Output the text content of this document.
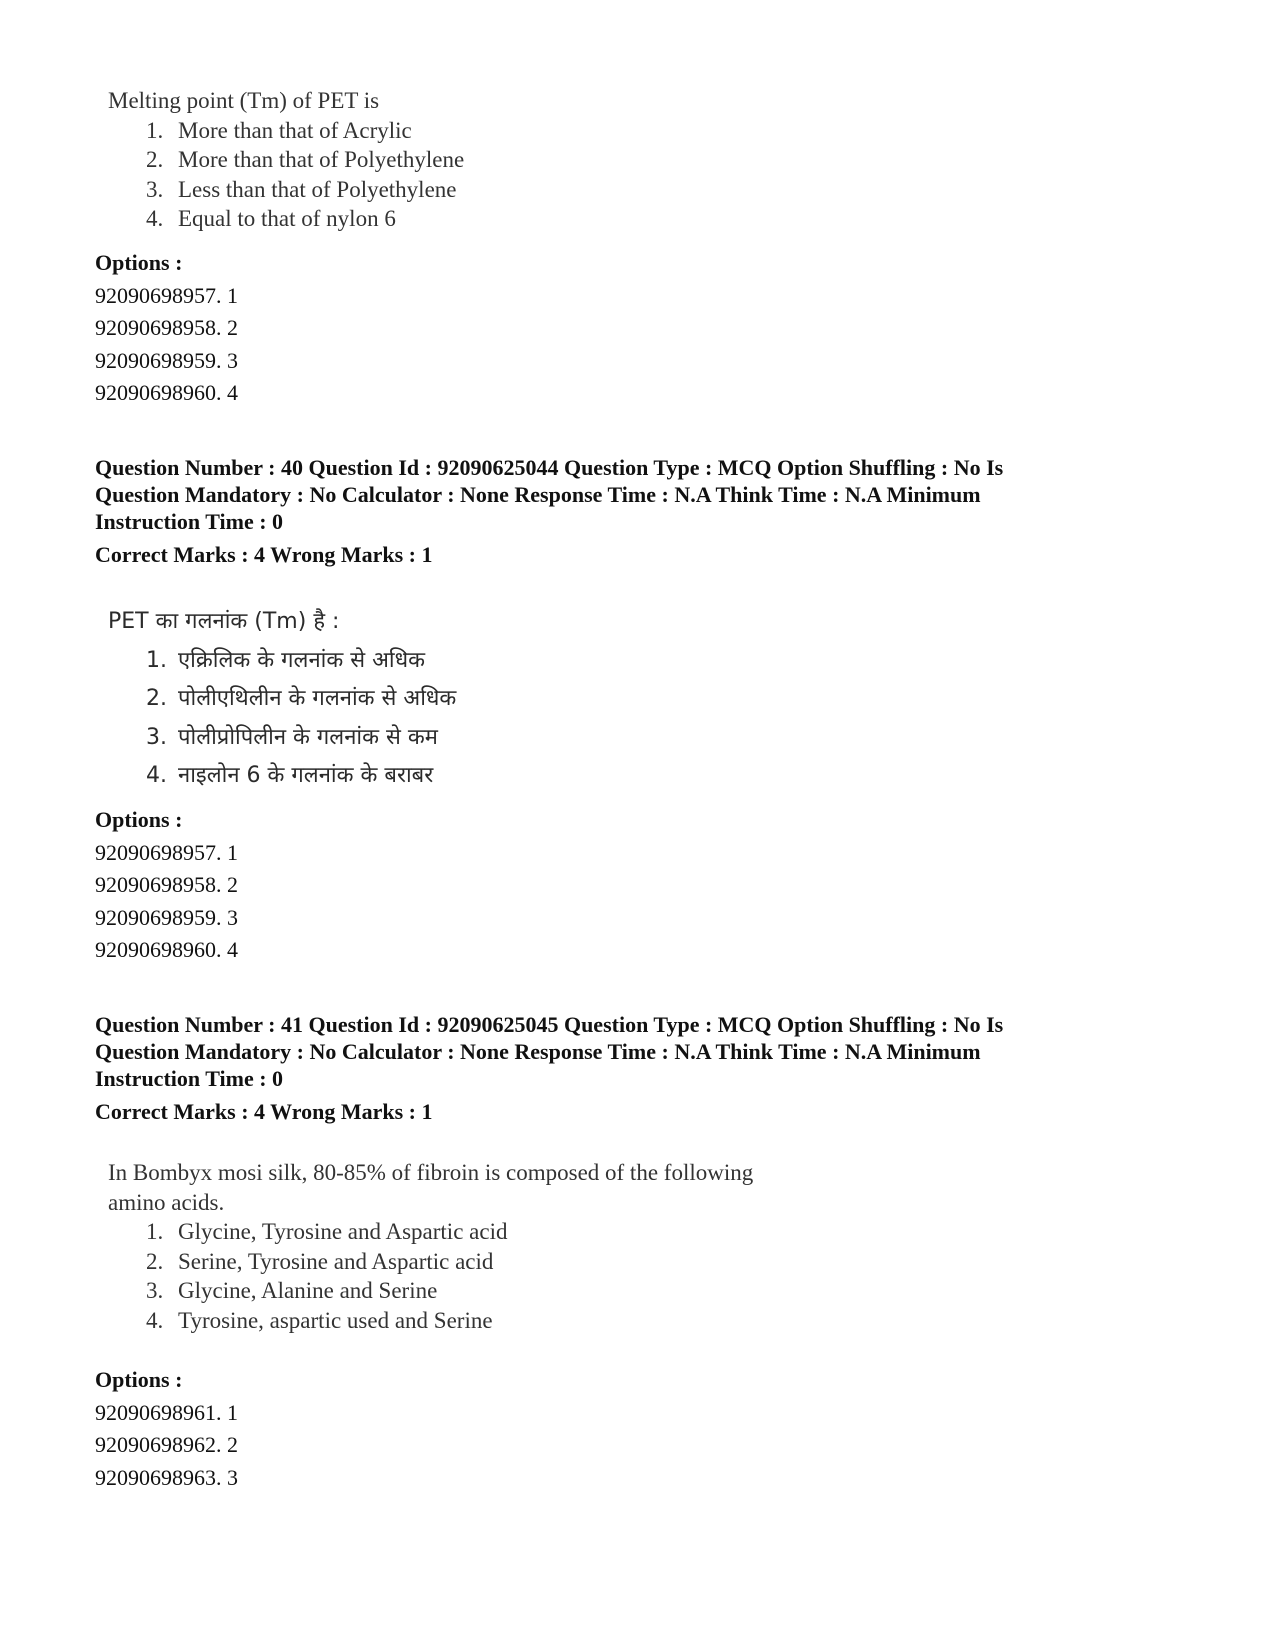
Melting point (Tm) of PET is

1. More than that of Acrylic
2. More than that of Polyethylene
3. Less than that of Polyethylene
4. Equal to that of nylon 6
Options :
92090698957. 1
92090698958. 2
92090698959. 3
92090698960. 4
Question Number : 40 Question Id : 92090625044 Question Type : MCQ Option Shuffling : No Is
Question Mandatory : No Calculator : None Response Time : N.A Think Time : N.A Minimum
Instruction Time : 0
Correct Marks : 4 Wrong Marks : 1

PET का गलनांक (Tm) है :

1. एक्रिलिक के गलनांक से अधिक
2. पोलीएथिलीन के गलनांक से अधिक
3. पोलीप्रोपिलीन के गलनांक से कम
4. नाइलोन 6 के गलनांक के बराबर
Options :
92090698957. 1
92090698958. 2
92090698959. 3
92090698960. 4
Question Number : 41 Question Id : 92090625045 Question Type : MCQ Option Shuffling : No Is
Question Mandatory : No Calculator : None Response Time : N.A Think Time : N.A Minimum
Instruction Time : 0
Correct Marks : 4 Wrong Marks : 1

In Bombyx mosi silk, 80-85% of fibroin is composed of the following
amino acids.

1. Glycine, Tyrosine and Aspartic acid
2. Serine, Tyrosine and Aspartic acid
3. Glycine, Alanine and Serine
4. Tyrosine, aspartic used and Serine
Options :
92090698961. 1
92090698962. 2
92090698963. 3
